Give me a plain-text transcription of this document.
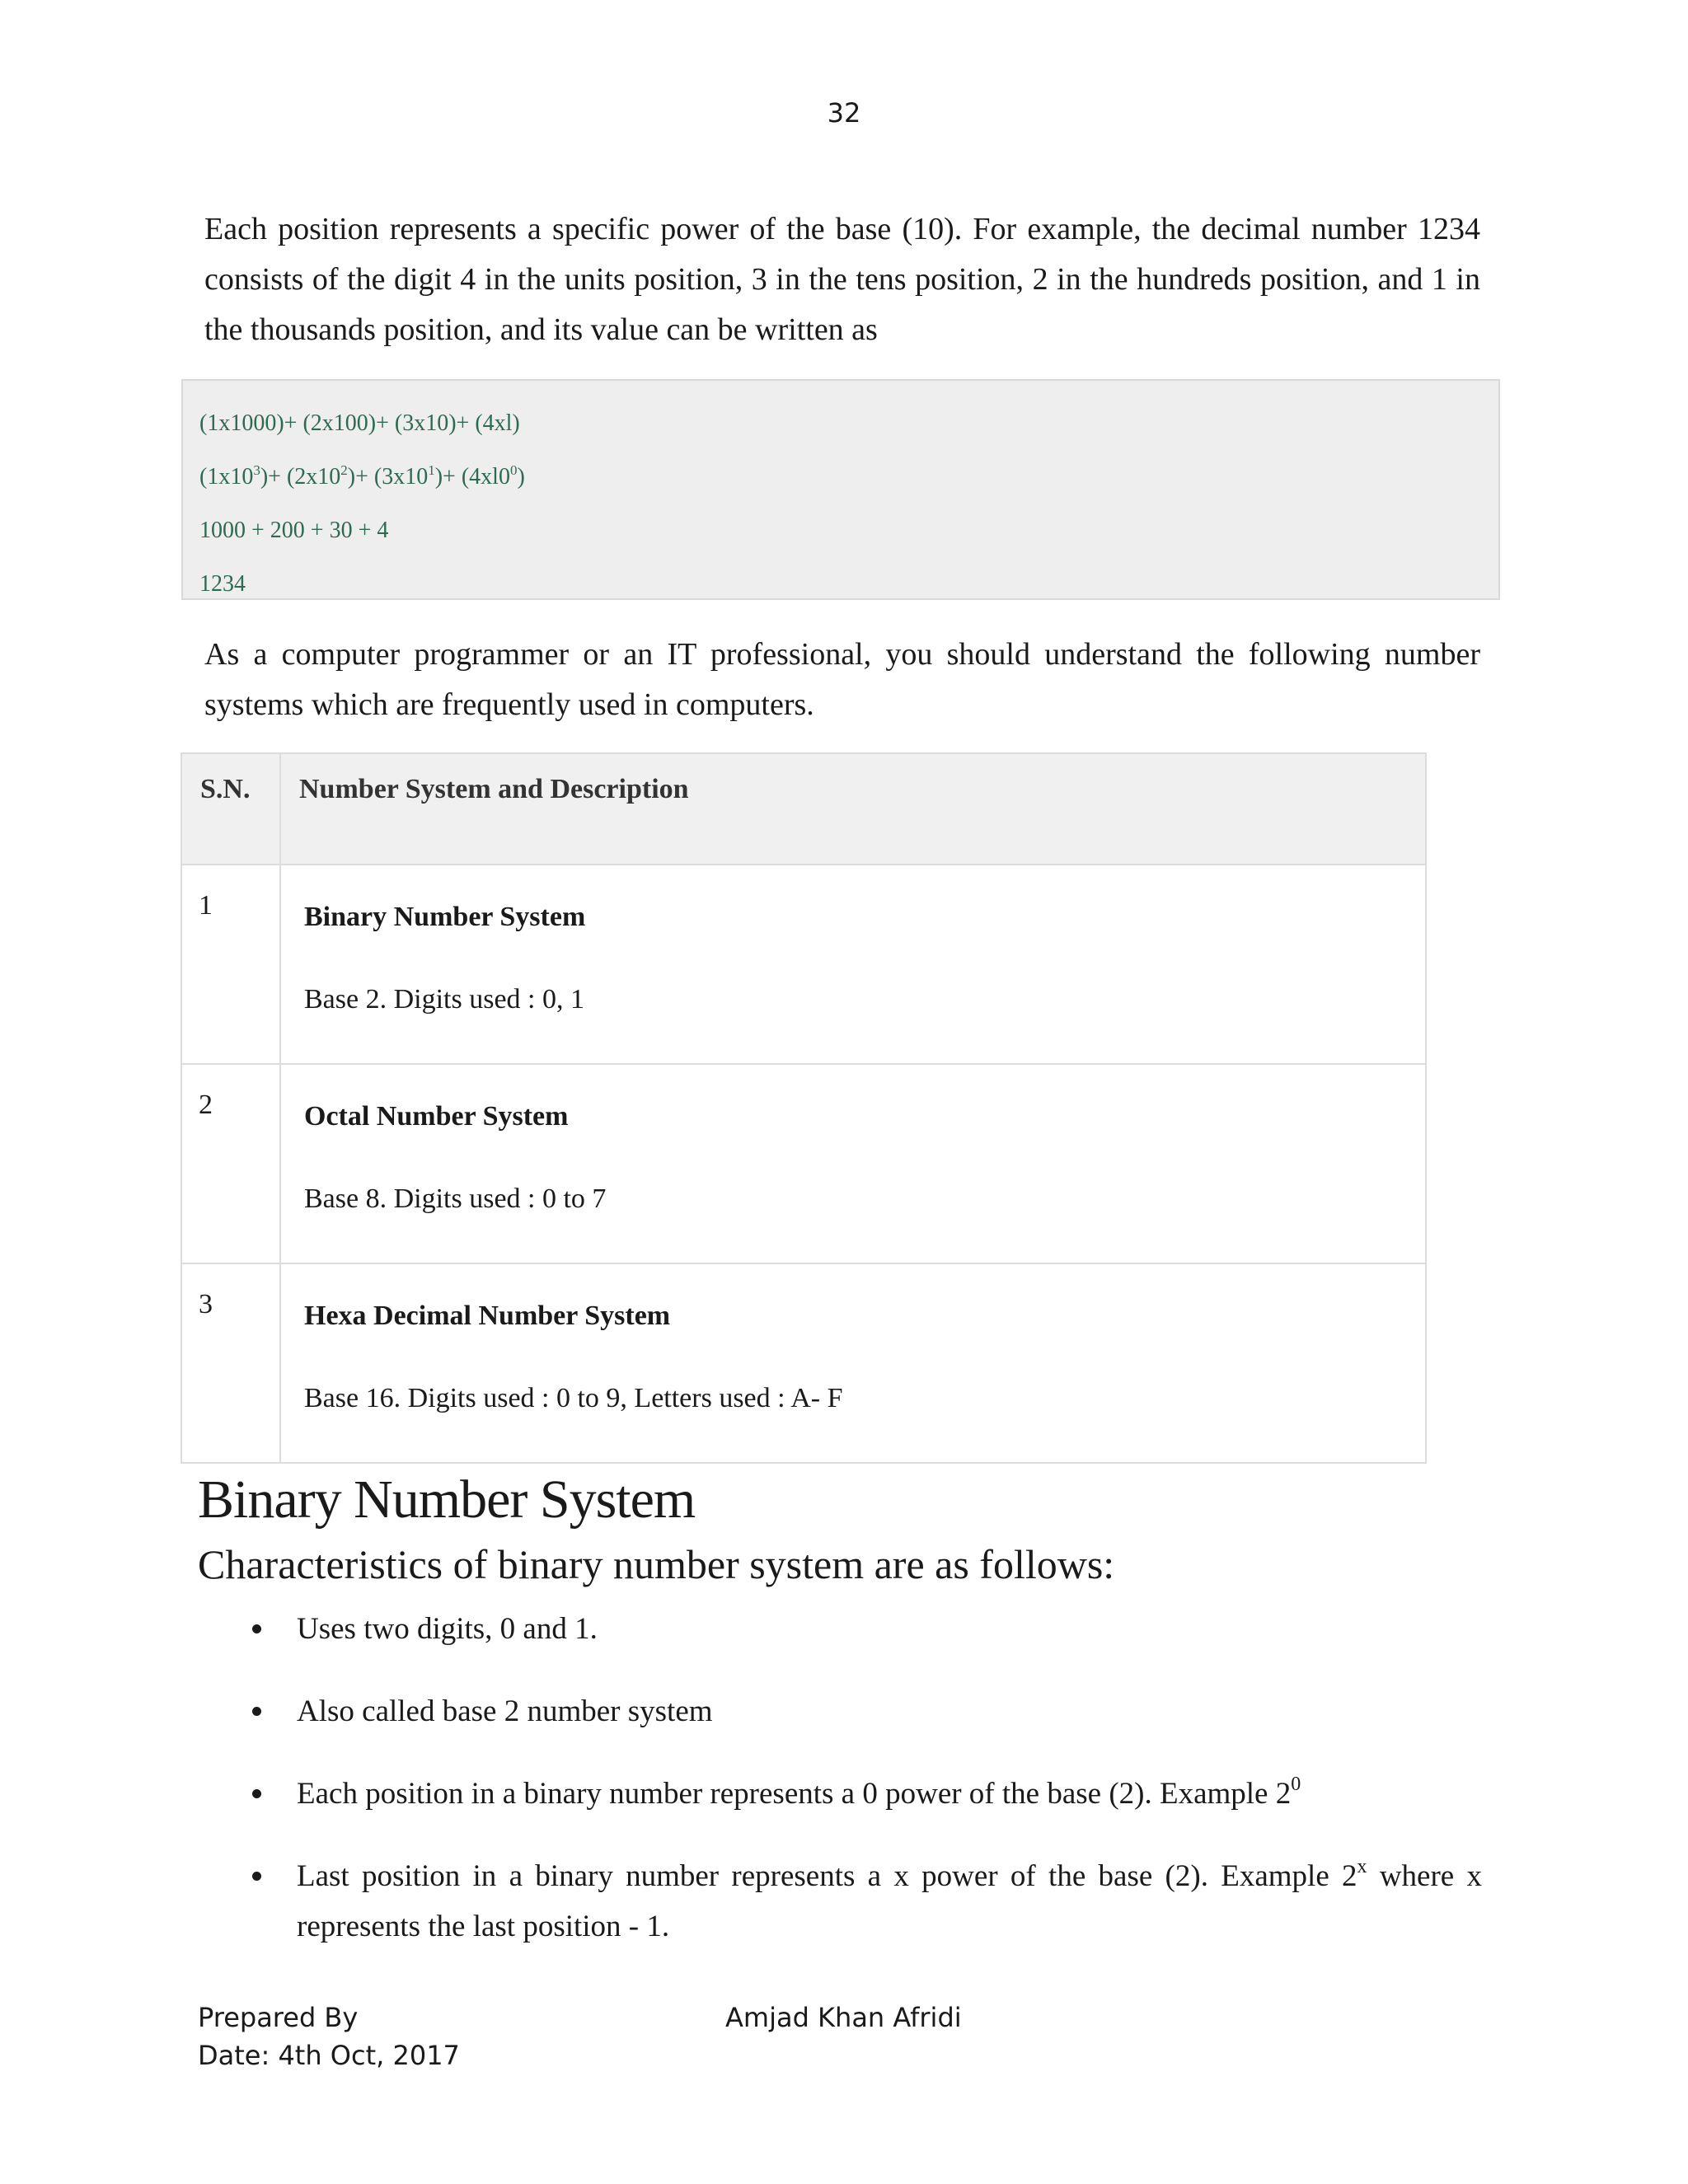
32
Each position represents a specific power of the base (10). For example, the decimal number 1234 consists of the digit 4 in the units position, 3 in the tens position, 2 in the hundreds position, and 1 in the thousands position, and its value can be written as
(1x1000)+ (2x100)+ (3x10)+ (4xl)
$(1x10^3)+ (2x10^2)+ (3x10^1)+ (4xl0^0)$
1000 + 200 + 30 + 4
1234
As a computer programmer or an IT professional, you should understand the following number systems which are frequently used in computers.
S.N.	Number System and Description

1	Binary Number System
Base 2. Digits used : 0, 1

2	Octal Number System
Base 8. Digits used : 0 to 7

3	Hexa Decimal Number System
Base 16. Digits used : 0 to 9, Letters used : A- F
Binary Number System
Characteristics of binary number system are as follows:
Uses two digits, 0 and 1.
Also called base 2 number system
Each position in a binary number represents a 0 power of the base (2). Example $2^0$
Last position in a binary number represents a x power of the base (2). Example 2$^x$ where x represents the last position - 1.
Prepared By
Date: 4th Oct, 2017
Amjad Khan Afridi
